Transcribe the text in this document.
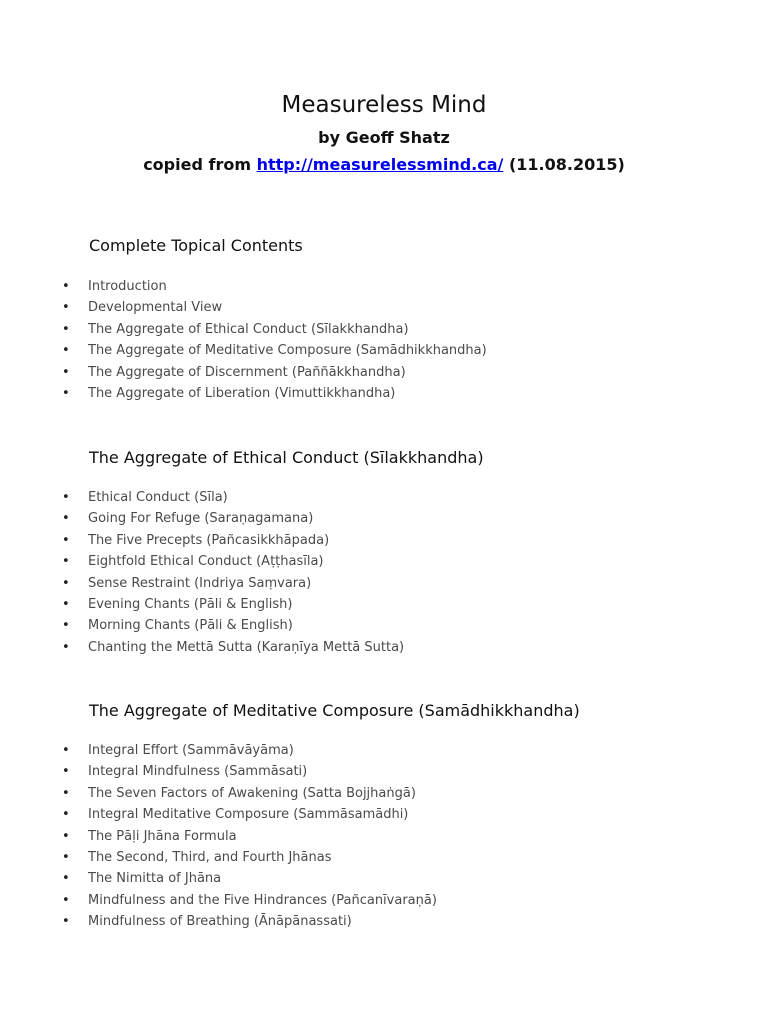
Measureless Mind
by Geoff Shatz
copied from http://measurelessmind.ca/ (11.08.2015)
Complete Topical Contents
• Introduction
• Developmental View
• The Aggregate of Ethical Conduct (Sīlakkhandha)
• The Aggregate of Meditative Composure (Samādhikkhandha)
• The Aggregate of Discernment (Paññākkhandha)
• The Aggregate of Liberation (Vimuttikkhandha)
The Aggregate of Ethical Conduct (Sīlakkhandha)
• Ethical Conduct (Sīla)
• Going For Refuge (Saraṇagamana)
• The Five Precepts (Pañcasikkhāpada)
• Eightfold Ethical Conduct (Aṭṭhasīla)
• Sense Restraint (Indriya Saṃvara)
• Evening Chants (Pāli & English)
• Morning Chants (Pāli & English)
• Chanting the Mettā Sutta (Karaṇīya Mettā Sutta)
The Aggregate of Meditative Composure (Samādhikkhandha)
• Integral Effort (Sammāvāyāma)
• Integral Mindfulness (Sammāsati)
• The Seven Factors of Awakening (Satta Bojjhaṅgā)
• Integral Meditative Composure (Sammāsamādhi)
• The Pāḷi Jhāna Formula
• The Second, Third, and Fourth Jhānas
• The Nimitta of Jhāna
• Mindfulness and the Five Hindrances (Pañcanīvaraṇā)
• Mindfulness of Breathing (Ānāpānassati)
